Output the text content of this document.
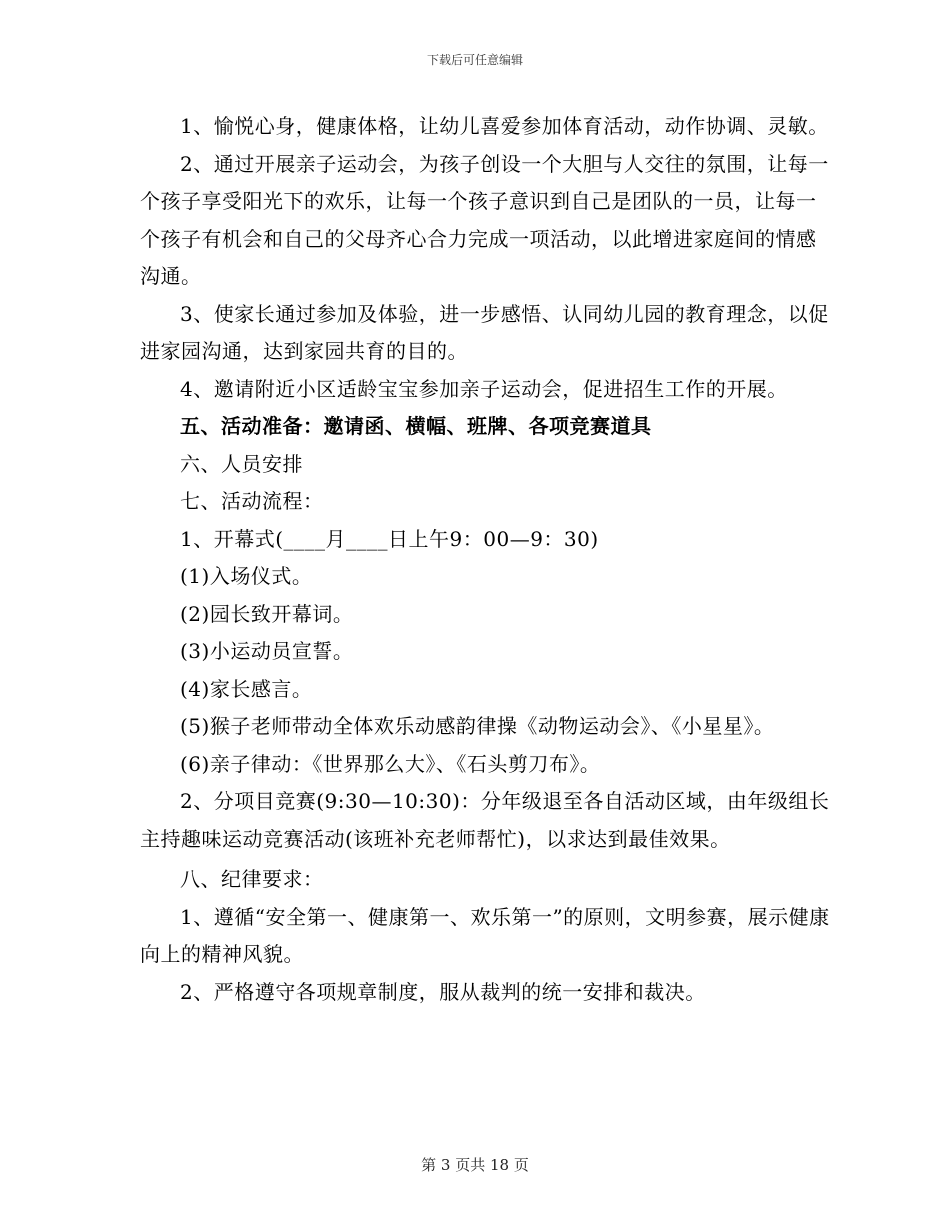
下载后可任意编辑

1、愉悦心身，健康体格，让幼儿喜爱参加体育活动，动作协调、灵敏。

2、通过开展亲子运动会，为孩子创设一个大胆与人交往的氛围，让每一个孩子享受阳光下的欢乐，让每一个孩子意识到自己是团队的一员，让每一个孩子有机会和自己的父母齐心合力完成一项活动，以此增进家庭间的情感沟通。

3、使家长通过参加及体验，进一步感悟、认同幼儿园的教育理念，以促进家园沟通，达到家园共育的目的。

4、邀请附近小区适龄宝宝参加亲子运动会，促进招生工作的开展。

五、活动准备：邀请函、横幅、班牌、各项竞赛道具

六、人员安排

七、活动流程：

1、开幕式(____月____日上午9：00—9：30)

(1)入场仪式。

(2)园长致开幕词。

(3)小运动员宣誓。

(4)家长感言。

(5)猴子老师带动全体欢乐动感韵律操《动物运动会》、《小星星》。

(6)亲子律动：《世界那么大》、《石头剪刀布》。

2、分项目竞赛(9:30—10:30)：分年级退至各自活动区域，由年级组长主持趣味运动竞赛活动(该班补充老师帮忙)，以求达到最佳效果。

八、纪律要求：

1、遵循“安全第一、健康第一、欢乐第一”的原则，文明参赛，展示健康向上的精神风貌。

2、严格遵守各项规章制度，服从裁判的统一安排和裁决。

第 3 页共 18 页
